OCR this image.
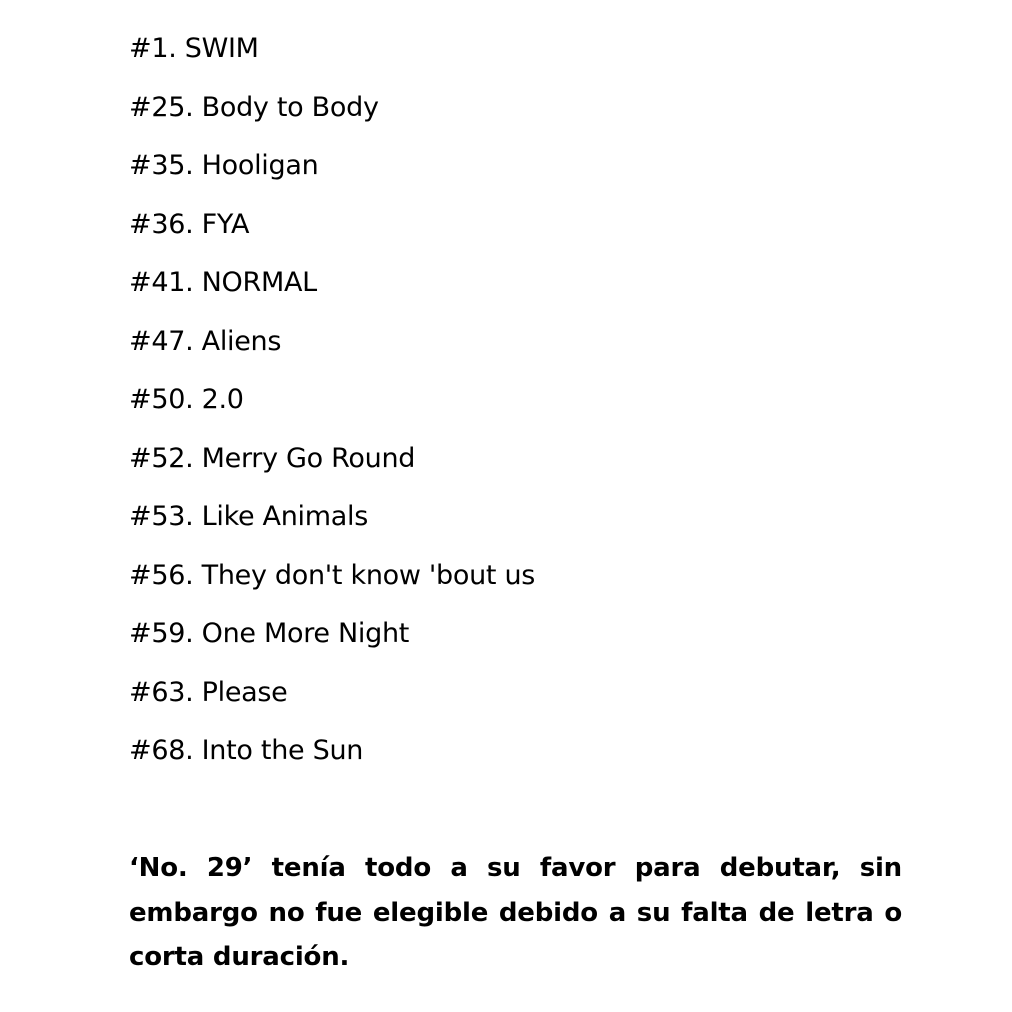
#1. SWIM
#25. Body to Body
#35. Hooligan
#36. FYA
#41. NORMAL
#47. Aliens
#50. 2.0
#52. Merry Go Round
#53. Like Animals
#56. They don't know 'bout us
#59. One More Night
#63. Please
#68. Into the Sun

‘No. 29’ tenía todo a su favor para debutar, sin embargo no fue elegible debido a su falta de letra o corta duración.
